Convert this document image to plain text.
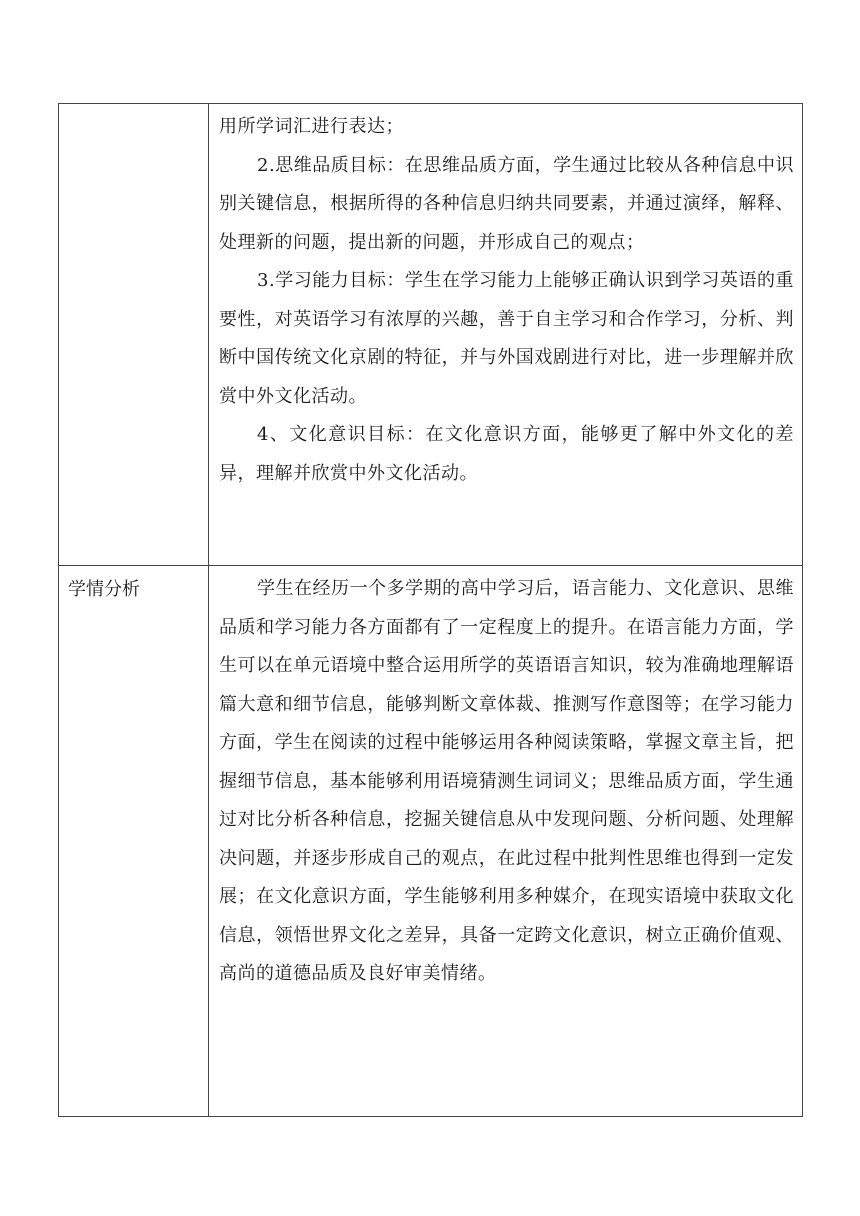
	用所学词汇进行表达；

2.思维品质目标：在思维品质方面，学生通过比较从各种信息中识别关键信息，根据所得的各种信息归纳共同要素，并通过演绎，解释、处理新的问题，提出新的问题，并形成自己的观点；

3.学习能力目标：学生在学习能力上能够正确认识到学习英语的重要性，对英语学习有浓厚的兴趣，善于自主学习和合作学习，分析、判断中国传统文化京剧的特征，并与外国戏剧进行对比，进一步理解并欣赏中外文化活动。

4、文化意识目标：在文化意识方面，能够更了解中外文化的差异，理解并欣赏中外文化活动。

学情分析	学生在经历一个多学期的高中学习后，语言能力、文化意识、思维品质和学习能力各方面都有了一定程度上的提升。在语言能力方面，学生可以在单元语境中整合运用所学的英语语言知识，较为准确地理解语篇大意和细节信息，能够判断文章体裁、推测写作意图等；在学习能力方面，学生在阅读的过程中能够运用各种阅读策略，掌握文章主旨，把握细节信息，基本能够利用语境猜测生词词义；思维品质方面，学生通过对比分析各种信息，挖掘关键信息从中发现问题、分析问题、处理解决问题，并逐步形成自己的观点，在此过程中批判性思维也得到一定发展；在文化意识方面，学生能够利用多种媒介，在现实语境中获取文化信息，领悟世界文化之差异，具备一定跨文化意识，树立正确价值观、高尚的道德品质及良好审美情绪。
